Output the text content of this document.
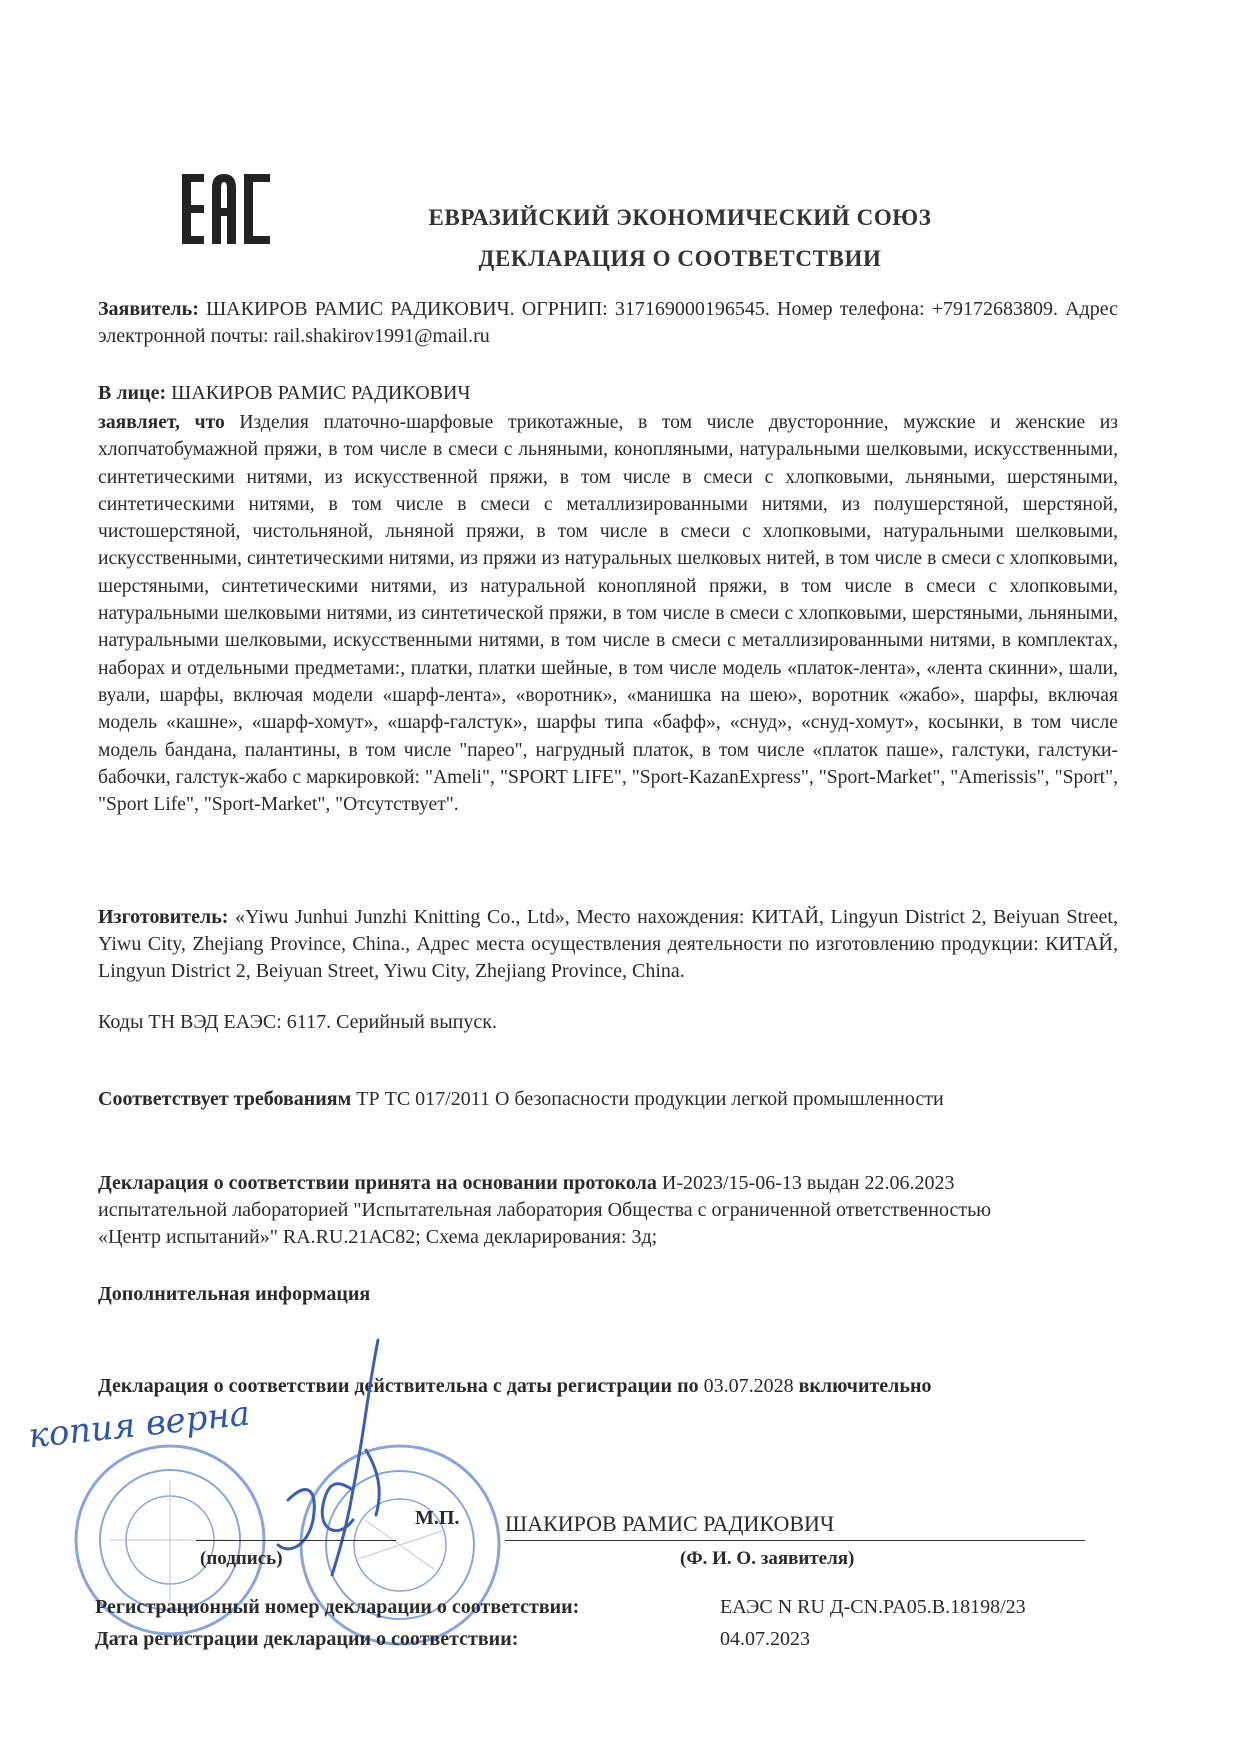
ЕВРАЗИЙСКИЙ ЭКОНОМИЧЕСКИЙ СОЮЗ
ДЕКЛАРАЦИЯ О СООТВЕТСТВИИ
Заявитель: ШАКИРОВ РАМИС РАДИКОВИЧ. ОГРНИП: 317169000196545. Номер телефона: +79172683809. Адрес электронной почты: rail.shakirov1991@mail.ru
В лице: ШАКИРОВ РАМИС РАДИКОВИЧ
заявляет, что Изделия платочно-шарфовые трикотажные, в том числе двусторонние, мужские и женские из хлопчатобумажной пряжи, в том числе в смеси с льняными, конопляными, натуральными шелковыми, искусственными, синтетическими нитями, из искусственной пряжи, в том числе в смеси с хлопковыми, льняными, шерстяными, синтетическими нитями, в том числе в смеси с металлизированными нитями, из полушерстяной, шерстяной, чистошерстяной, чистольняной, льняной пряжи, в том числе в смеси с хлопковыми, натуральными шелковыми, искусственными, синтетическими нитями, из пряжи из натуральных шелковых нитей, в том числе в смеси с хлопковыми, шерстяными, синтетическими нитями, из натуральной конопляной пряжи, в том числе в смеси с хлопковыми, натуральными шелковыми нитями, из синтетической пряжи, в том числе в смеси с хлопковыми, шерстяными, льняными, натуральными шелковыми, искусственными нитями, в том числе в смеси с металлизированными нитями, в комплектах, наборах и отдельными предметами:, платки, платки шейные, в том числе модель «платок-лента», «лента скинни», шали, вуали, шарфы, включая модели «шарф-лента», «воротник», «манишка на шею», воротник «жабо», шарфы, включая модель «кашне», «шарф-хомут», «шарф-галстук», шарфы типа «бафф», «снуд», «снуд-хомут», косынки, в том числе модель бандана, палантины, в том числе "парео", нагрудный платок, в том числе «платок паше», галстуки, галстуки-бабочки, галстук-жабо с маркировкой: "Ameli", "SPORT LIFE", "Sport-KazanExpress", "Sport-Market", "Amerissis", "Sport", "Sport Life", "Sport-Market", "Отсутствует".
Изготовитель: «Yiwu Junhui Junzhi Knitting Co., Ltd», Место нахождения: КИТАЙ, Lingyun District 2, Beiyuan Street, Yiwu City, Zhejiang Province, China., Адрес места осуществления деятельности по изготовлению продукции: КИТАЙ, Lingyun District 2, Beiyuan Street, Yiwu City, Zhejiang Province, China.
Коды ТН ВЭД ЕАЭС: 6117. Серийный выпуск.
Соответствует требованиям ТР ТС 017/2011 О безопасности продукции легкой промышленности
Декларация о соответствии принята на основании протокола И-2023/15-06-13 выдан 22.06.2023 испытательной лабораторией "Испытательная лаборатория Общества с ограниченной ответственностью «Центр испытаний»" RA.RU.21АС82; Схема декларирования: 3д;
Дополнительная информация
Декларация о соответствии действительна с даты регистрации по 03.07.2028 включительно
копия верна
М.П. ШАКИРОВ РАМИС РАДИКОВИЧ
(подпись)	(Ф. И. О. заявителя)
Регистрационный номер декларации о соответствии:	ЕАЭС N RU Д-CN.PA05.B.18198/23
Дата регистрации декларации о соответствии:	04.07.2023
